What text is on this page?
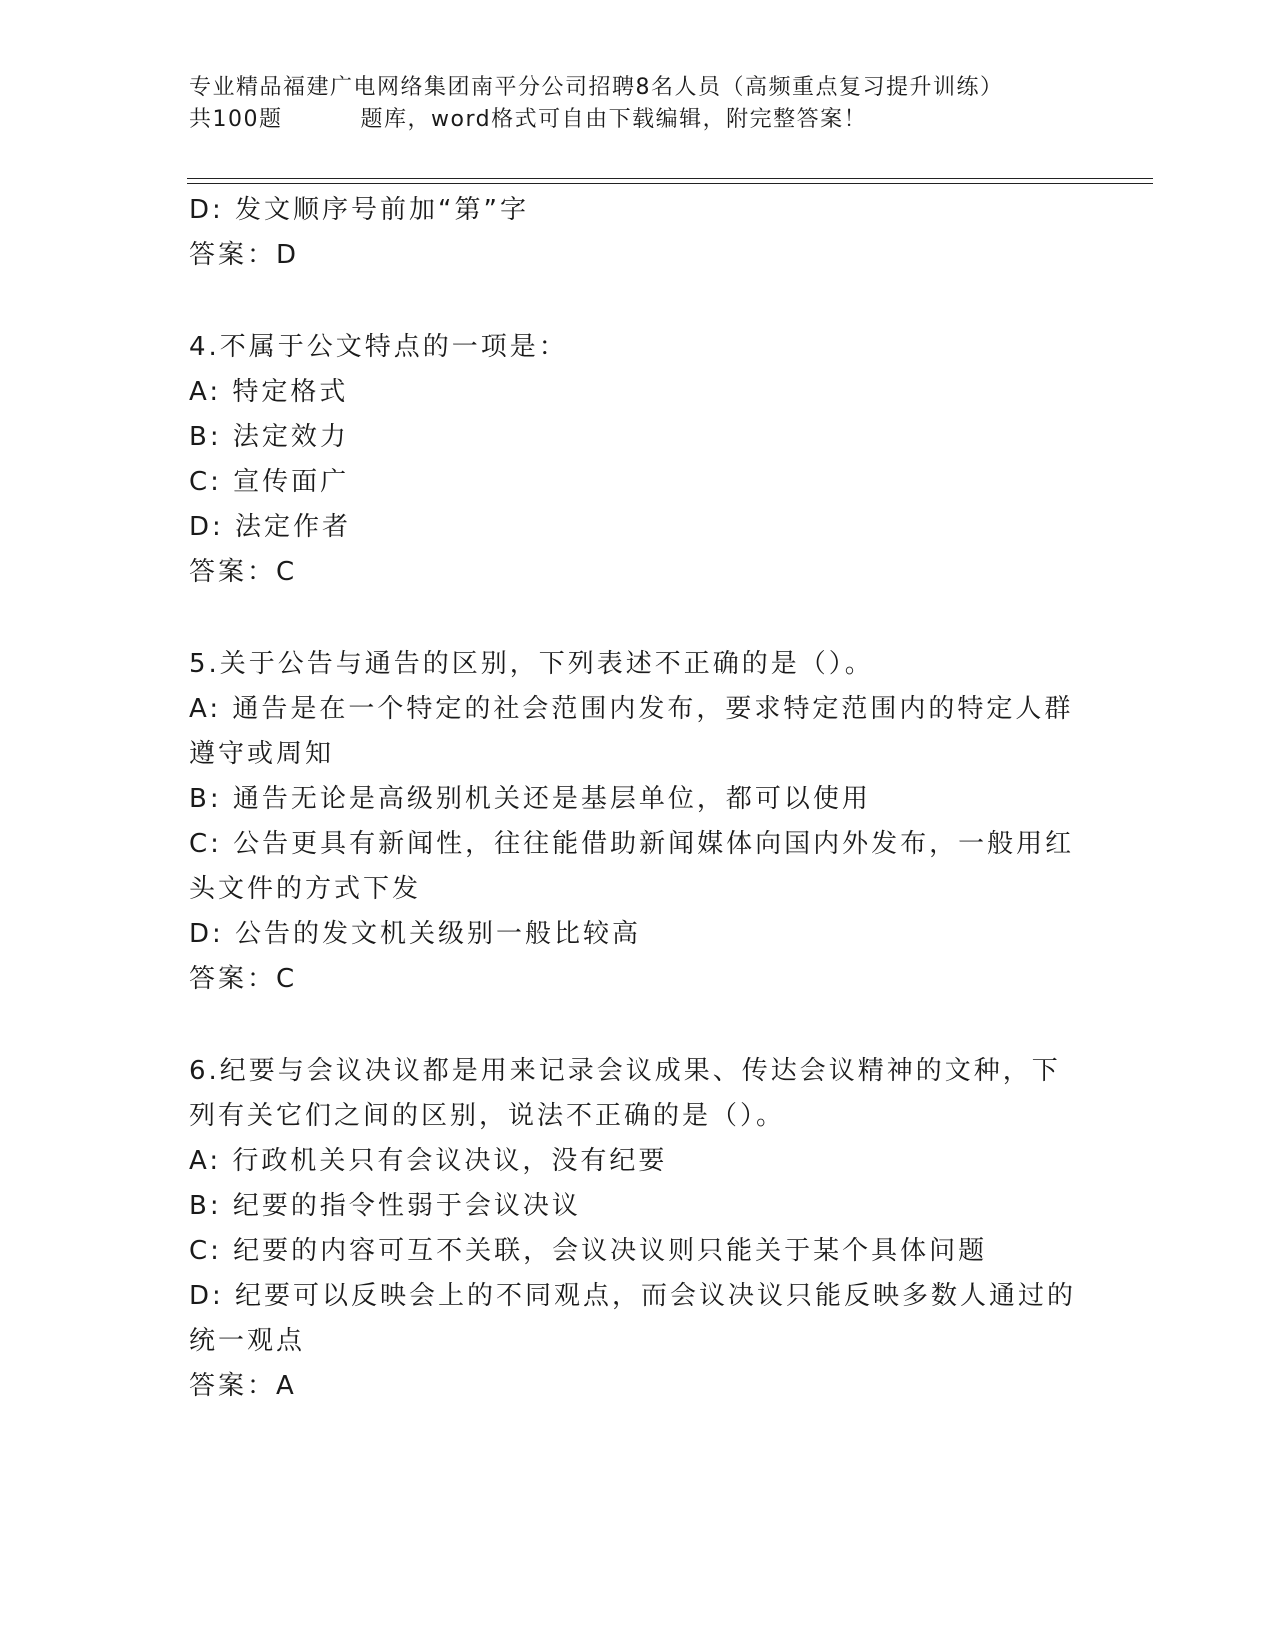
专业精品福建广电网络集团南平分公司招聘8名人员（高频重点复习提升训练）
共100题	题库，word格式可自由下载编辑，附完整答案！
D: 发文顺序号前加“第”字
答案：D
4.不属于公文特点的一项是：
A: 特定格式
B: 法定效力
C: 宣传面广
D: 法定作者
答案：C
5.关于公告与通告的区别，下列表述不正确的是（）。
A: 通告是在一个特定的社会范围内发布，要求特定范围内的特定人群
遵守或周知
B: 通告无论是高级别机关还是基层单位，都可以使用
C: 公告更具有新闻性，往往能借助新闻媒体向国内外发布，一般用红
头文件的方式下发
D: 公告的发文机关级别一般比较高
答案：C
6.纪要与会议决议都是用来记录会议成果、传达会议精神的文种，下
列有关它们之间的区别，说法不正确的是（）。
A: 行政机关只有会议决议，没有纪要
B: 纪要的指令性弱于会议决议
C: 纪要的内容可互不关联，会议决议则只能关于某个具体问题
D: 纪要可以反映会上的不同观点，而会议决议只能反映多数人通过的
统一观点
答案：A
